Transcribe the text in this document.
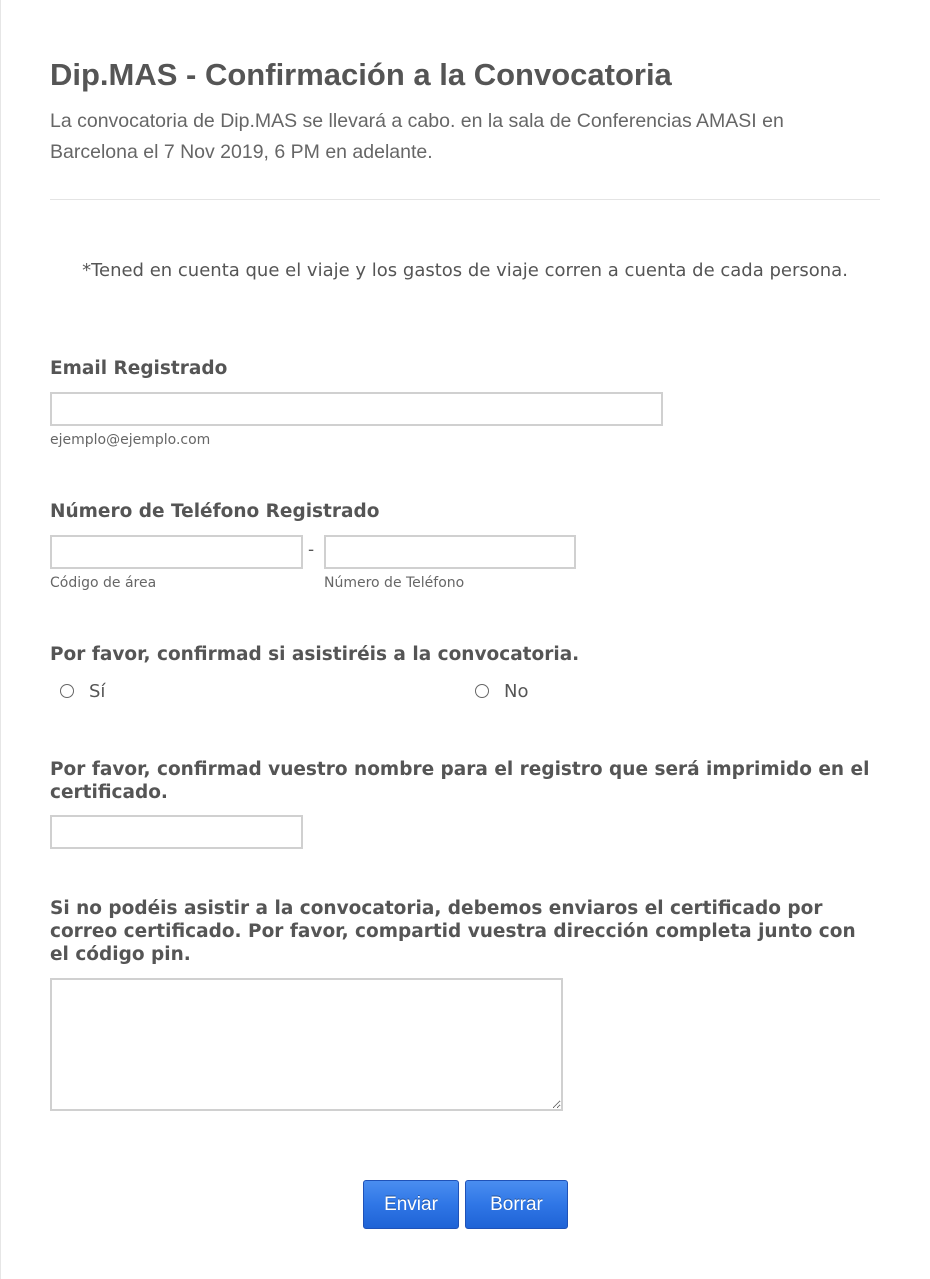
Dip.MAS - Confirmación a la Convocatoria

La convocatoria de Dip.MAS se llevará a cabo. en la sala de Conferencias AMASI en Barcelona el 7 Nov 2019, 6 PM en adelante.

*Tened en cuenta que el viaje y los gastos de viaje corren a cuenta de cada persona.

Email Registrado
ejemplo@ejemplo.com
Número de Teléfono Registrado
-
Código de área	Número de Teléfono
Por favor, confirmad si asistiréis a la convocatoria.
Sí	No
Por favor, confirmad vuestro nombre para el registro que será imprimido en el certificado.
Si no podéis asistir a la convocatoria, debemos enviaros el certificado por correo certificado. Por favor, compartid vuestra dirección completa junto con el código pin.
Enviar	Borrar
